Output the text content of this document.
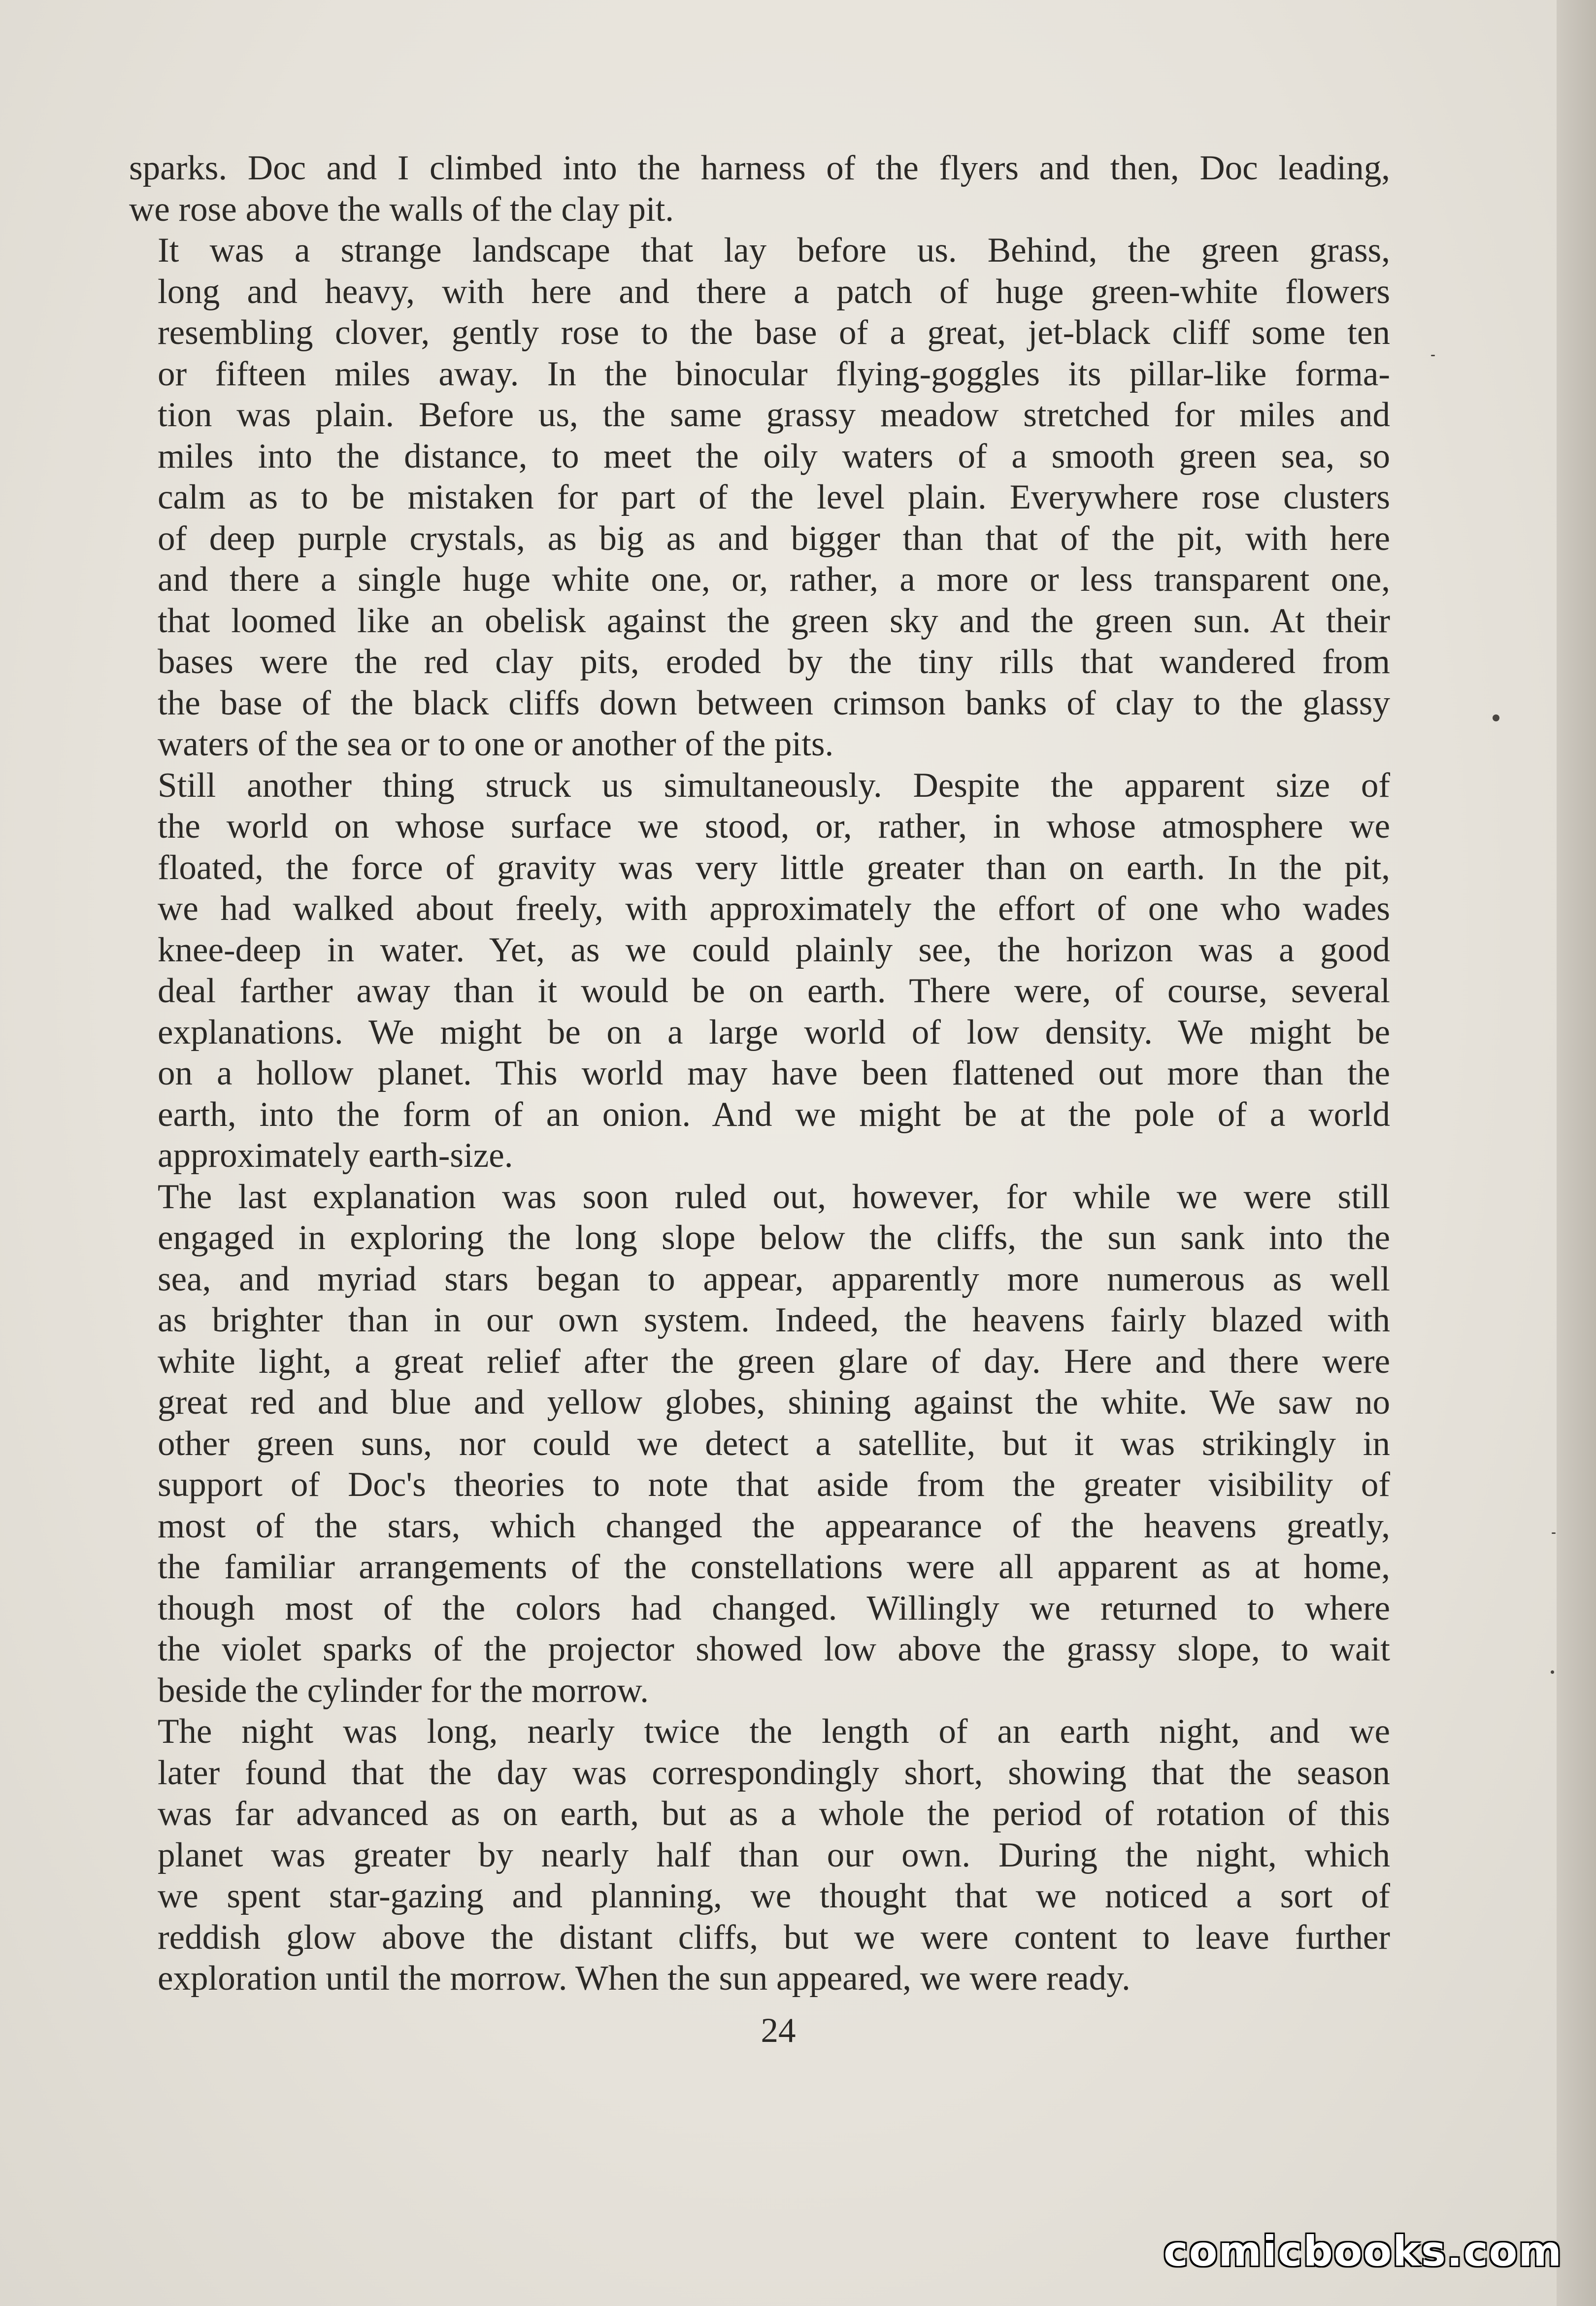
sparks. Doc and I climbed into the harness of the flyers and then, Doc leading,
we rose above the walls of the clay pit.

It was a strange landscape that lay before us. Behind, the green grass,
long and heavy, with here and there a patch of huge green-white flowers
resembling clover, gently rose to the base of a great, jet-black cliff some ten
or fifteen miles away. In the binocular flying-goggles its pillar-like forma-
tion was plain. Before us, the same grassy meadow stretched for miles and
miles into the distance, to meet the oily waters of a smooth green sea, so
calm as to be mistaken for part of the level plain. Everywhere rose clusters
of deep purple crystals, as big as and bigger than that of the pit, with here
and there a single huge white one, or, rather, a more or less transparent one,
that loomed like an obelisk against the green sky and the green sun. At their
bases were the red clay pits, eroded by the tiny rills that wandered from
the base of the black cliffs down between crimson banks of clay to the glassy
waters of the sea or to one or another of the pits.

Still another thing struck us simultaneously. Despite the apparent size of
the world on whose surface we stood, or, rather, in whose atmosphere we
floated, the force of gravity was very little greater than on earth. In the pit,
we had walked about freely, with approximately the effort of one who wades
knee-deep in water. Yet, as we could plainly see, the horizon was a good
deal farther away than it would be on earth. There were, of course, several
explanations. We might be on a large world of low density. We might be
on a hollow planet. This world may have been flattened out more than the
earth, into the form of an onion. And we might be at the pole of a world
approximately earth-size.

The last explanation was soon ruled out, however, for while we were still
engaged in exploring the long slope below the cliffs, the sun sank into the
sea, and myriad stars began to appear, apparently more numerous as well
as brighter than in our own system. Indeed, the heavens fairly blazed with
white light, a great relief after the green glare of day. Here and there were
great red and blue and yellow globes, shining against the white. We saw no
other green suns, nor could we detect a satellite, but it was strikingly in
support of Doc's theories to note that aside from the greater visibility of
most of the stars, which changed the appearance of the heavens greatly,
the familiar arrangements of the constellations were all apparent as at home,
though most of the colors had changed. Willingly we returned to where
the violet sparks of the projector showed low above the grassy slope, to wait
beside the cylinder for the morrow.

The night was long, nearly twice the length of an earth night, and we
later found that the day was correspondingly short, showing that the season
was far advanced as on earth, but as a whole the period of rotation of this
planet was greater by nearly half than our own. During the night, which
we spent star-gazing and planning, we thought that we noticed a sort of
reddish glow above the distant cliffs, but we were content to leave further
exploration until the morrow. When the sun appeared, we were ready.

24
comicbooks.com
